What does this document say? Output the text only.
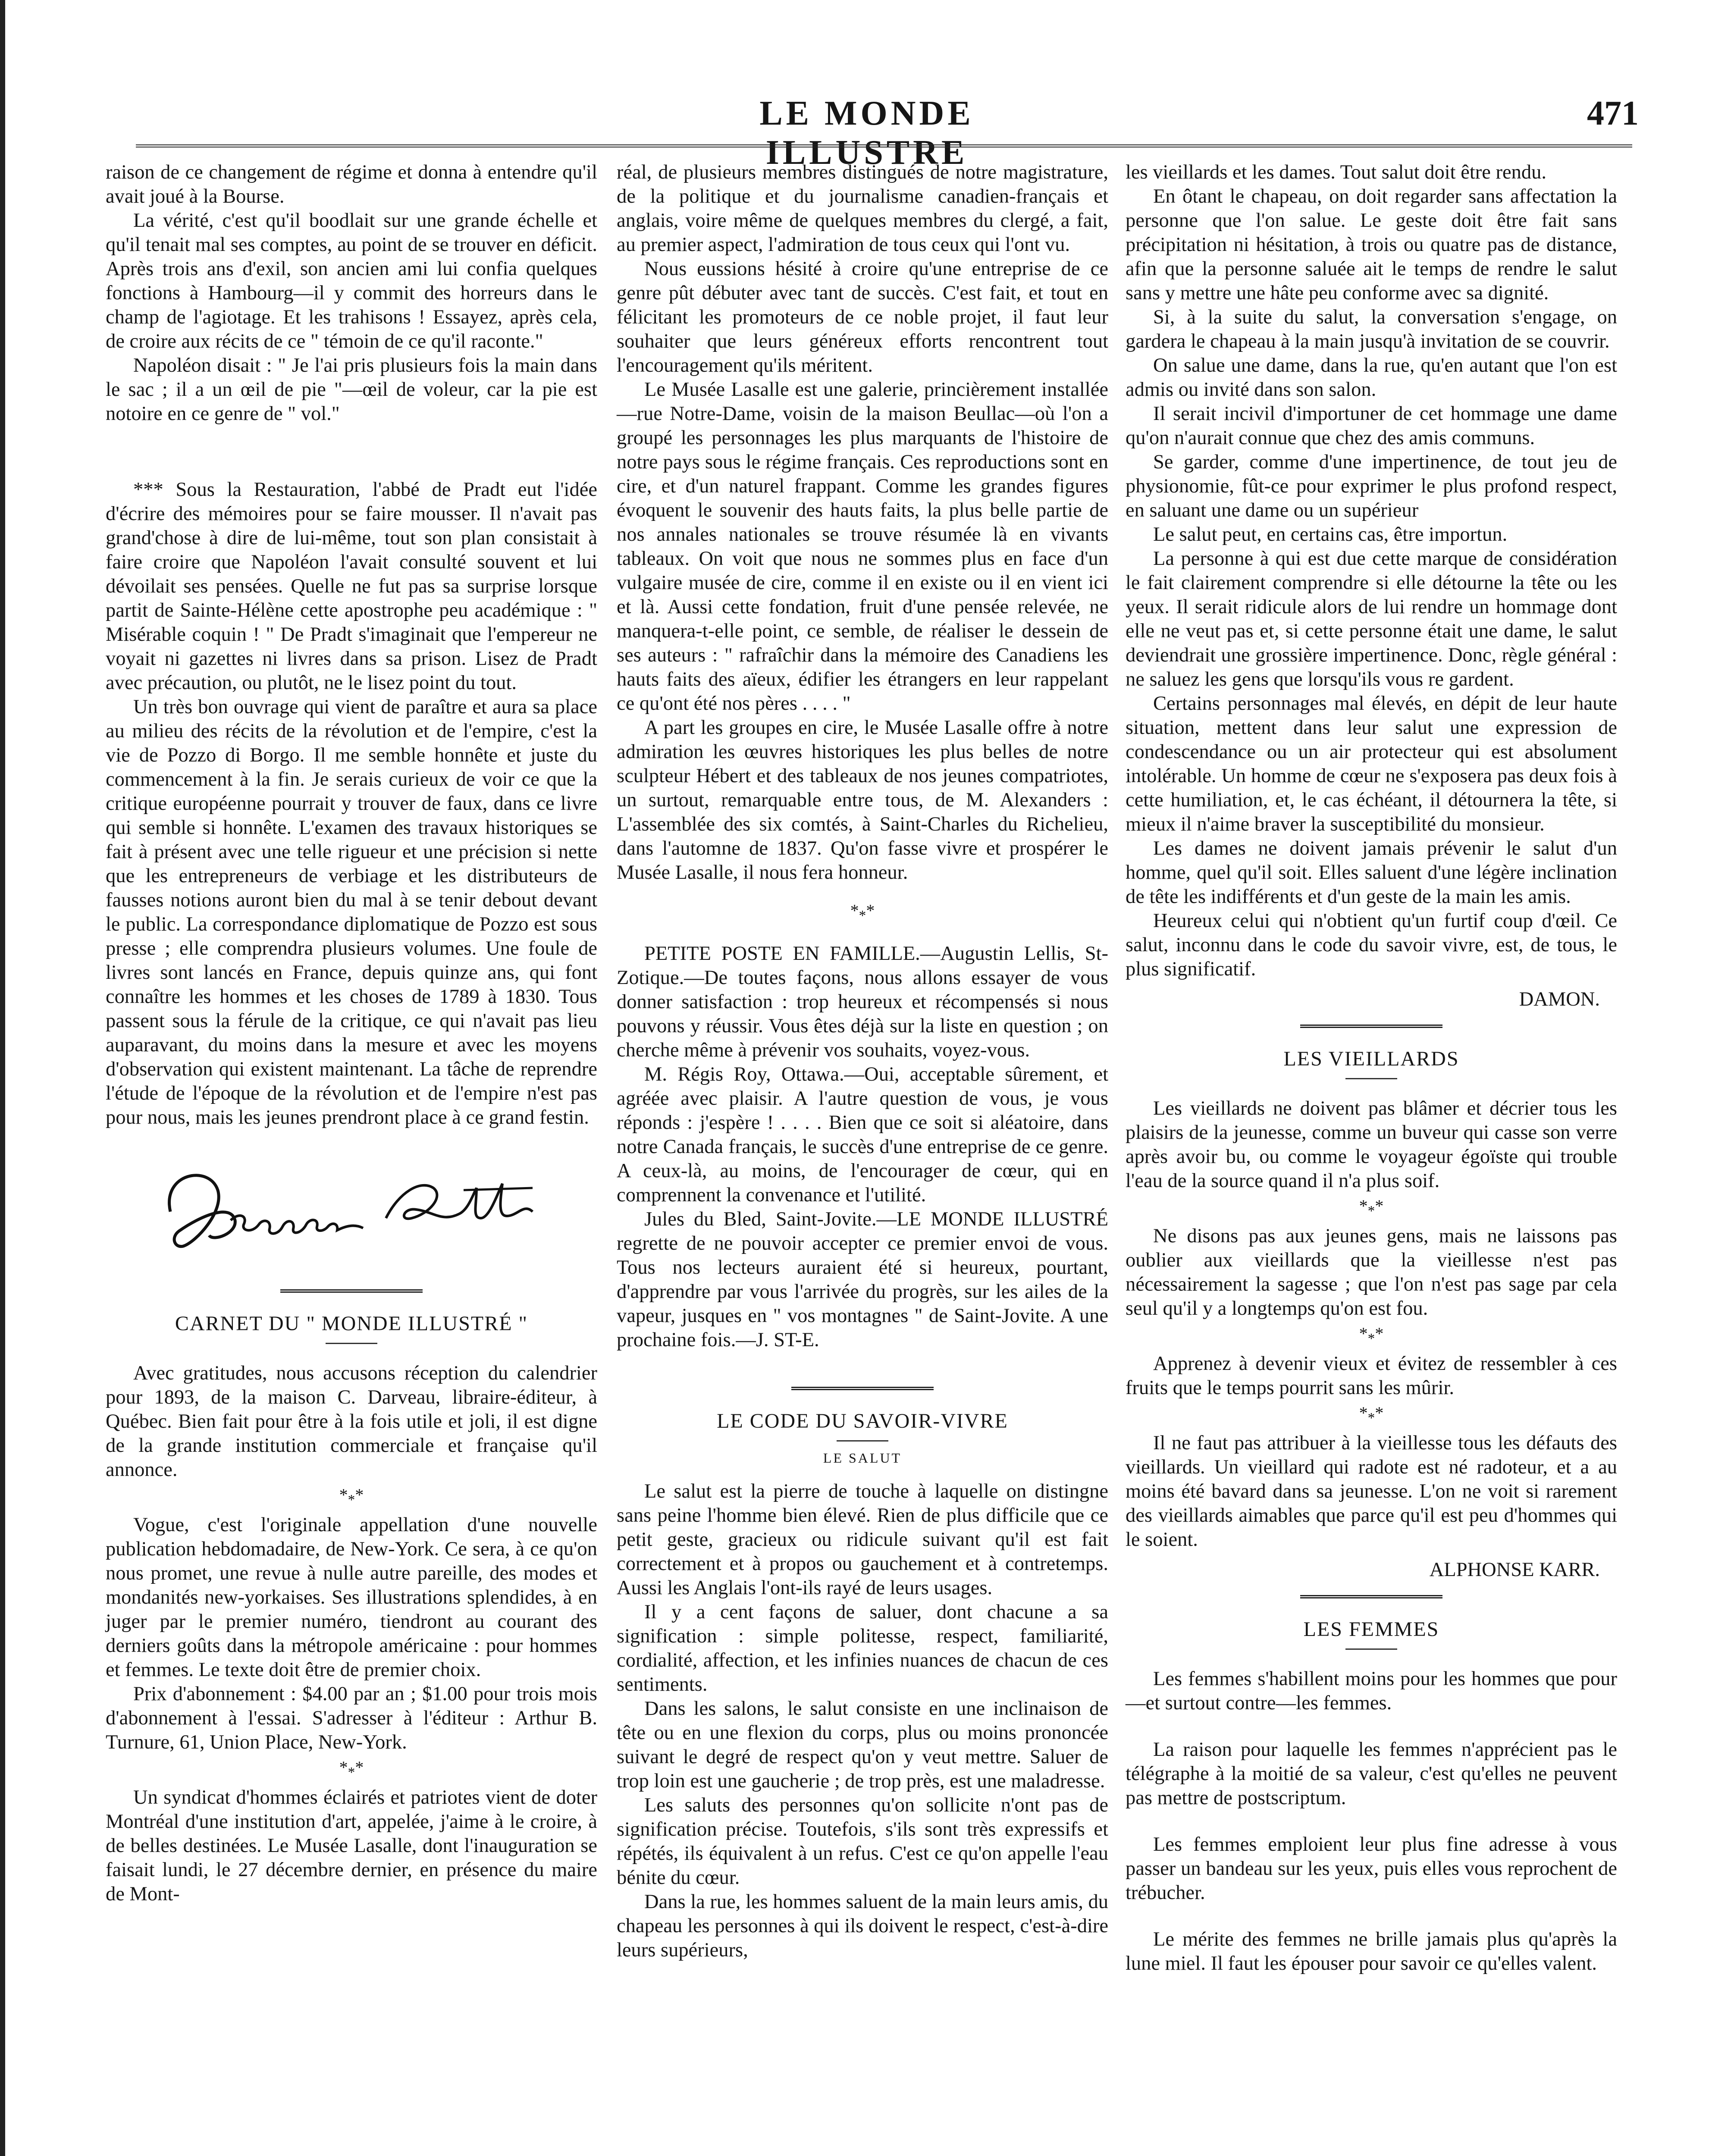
LE MONDE ILLUSTRE
471

raison de ce changement de régime et donna à entendre qu'il avait joué à la Bourse.

La vérité, c'est qu'il boodlait sur une grande échelle et qu'il tenait mal ses comptes, au point de se trouver en déficit. Après trois ans d'exil, son ancien ami lui confia quelques fonctions à Hambourg—il y commit des horreurs dans le champ de l'agiotage. Et les trahisons ! Essayez, après cela, de croire aux récits de ce " témoin de ce qu'il raconte."

Napoléon disait : " Je l'ai pris plusieurs fois la main dans le sac ; il a un œil de pie "—œil de voleur, car la pie est notoire en ce genre de " vol."

*** Sous la Restauration, l'abbé de Pradt eut l'idée d'écrire des mémoires pour se faire mousser. Il n'avait pas grand'chose à dire de lui-même, tout son plan consistait à faire croire que Napoléon l'avait consulté souvent et lui dévoilait ses pensées. Quelle ne fut pas sa surprise lorsque partit de Sainte-Hélène cette apostrophe peu académique : " Misérable coquin ! " De Pradt s'imaginait que l'empereur ne voyait ni gazettes ni livres dans sa prison. Lisez de Pradt avec précaution, ou plutôt, ne le lisez point du tout.

Un très bon ouvrage qui vient de paraître et aura sa place au milieu des récits de la révolution et de l'empire, c'est la vie de Pozzo di Borgo. Il me semble honnête et juste du commencement à la fin. Je serais curieux de voir ce que la critique européenne pourrait y trouver de faux, dans ce livre qui semble si honnête. L'examen des travaux historiques se fait à présent avec une telle rigueur et une précision si nette que les entrepreneurs de verbiage et les distributeurs de fausses notions auront bien du mal à se tenir debout devant le public. La correspondance diplomatique de Pozzo est sous presse ; elle comprendra plusieurs volumes. Une foule de livres sont lancés en France, depuis quinze ans, qui font connaître les hommes et les choses de 1789 à 1830. Tous passent sous la férule de la critique, ce qui n'avait pas lieu auparavant, du moins dans la mesure et avec les moyens d'observation qui existent maintenant. La tâche de reprendre l'étude de l'époque de la révolution et de l'empire n'est pas pour nous, mais les jeunes prendront place à ce grand festin.

CARNET DU " MONDE ILLUSTRÉ "

Avec gratitudes, nous accusons réception du calendrier pour 1893, de la maison C. Darveau, libraire-éditeur, à Québec. Bien fait pour être à la fois utile et joli, il est digne de la grande institution commerciale et française qu'il annonce.

$*_**$

Vogue, c'est l'originale appellation d'une nouvelle publication hebdomadaire, de New-York. Ce sera, à ce qu'on nous promet, une revue à nulle autre pareille, des modes et mondanités new-yorkaises. Ses illustrations splendides, à en juger par le premier numéro, tiendront au courant des derniers goûts dans la métropole américaine : pour hommes et femmes. Le texte doit être de premier choix.

Prix d'abonnement : $4.00 par an ; $1.00 pour trois mois d'abonnement à l'essai. S'adresser à l'éditeur : Arthur B. Turnure, 61, Union Place, New-York.

$*_**$

Un syndicat d'hommes éclairés et patriotes vient de doter Montréal d'une institution d'art, appelée, j'aime à le croire, à de belles destinées. Le Musée Lasalle, dont l'inauguration se faisait lundi, le 27 décembre dernier, en présence du maire de Mont-

réal, de plusieurs membres distingués de notre magistrature, de la politique et du journalisme canadien-français et anglais, voire même de quelques membres du clergé, a fait, au premier aspect, l'admiration de tous ceux qui l'ont vu.

Nous eussions hésité à croire qu'une entreprise de ce genre pût débuter avec tant de succès. C'est fait, et tout en félicitant les promoteurs de ce noble projet, il faut leur souhaiter que leurs généreux efforts rencontrent tout l'encouragement qu'ils méritent.

Le Musée Lasalle est une galerie, princièrement installée—rue Notre-Dame, voisin de la maison Beullac—où l'on a groupé les personnages les plus marquants de l'histoire de notre pays sous le régime français. Ces reproductions sont en cire, et d'un naturel frappant. Comme les grandes figures évoquent le souvenir des hauts faits, la plus belle partie de nos annales nationales se trouve résumée là en vivants tableaux. On voit que nous ne sommes plus en face d'un vulgaire musée de cire, comme il en existe ou il en vient ici et là. Aussi cette fondation, fruit d'une pensée relevée, ne manquera-t-elle point, ce semble, de réaliser le dessein de ses auteurs : " rafraîchir dans la mémoire des Canadiens les hauts faits des aïeux, édifier les étrangers en leur rappelant ce qu'ont été nos pères . . . . "

A part les groupes en cire, le Musée Lasalle offre à notre admiration les œuvres historiques les plus belles de notre sculpteur Hébert et des tableaux de nos jeunes compatriotes, un surtout, remarquable entre tous, de M. Alexanders : L'assemblée des six comtés, à Saint-Charles du Richelieu, dans l'automne de 1837. Qu'on fasse vivre et prospérer le Musée Lasalle, il nous fera honneur.

$*_**$

PETITE POSTE EN FAMILLE.—Augustin Lellis, St-Zotique.—De toutes façons, nous allons essayer de vous donner satisfaction : trop heureux et récompensés si nous pouvons y réussir. Vous êtes déjà sur la liste en question ; on cherche même à prévenir vos souhaits, voyez-vous.

M. Régis Roy, Ottawa.—Oui, acceptable sûrement, et agréée avec plaisir. A l'autre question de vous, je vous réponds : j'espère ! . . . . Bien que ce soit si aléatoire, dans notre Canada français, le succès d'une entreprise de ce genre. A ceux-là, au moins, de l'encourager de cœur, qui en comprennent la convenance et l'utilité.

Jules du Bled, Saint-Jovite.—LE MONDE ILLUSTRÉ regrette de ne pouvoir accepter ce premier envoi de vous. Tous nos lecteurs auraient été si heureux, pourtant, d'apprendre par vous l'arrivée du progrès, sur les ailes de la vapeur, jusques en " vos montagnes " de Saint-Jovite. A une prochaine fois.—J. ST-E.

LE CODE DU SAVOIR-VIVRE
LE SALUT

Le salut est la pierre de touche à laquelle on distingne sans peine l'homme bien élevé. Rien de plus difficile que ce petit geste, gracieux ou ridicule suivant qu'il est fait correctement et à propos ou gauchement et à contretemps. Aussi les Anglais l'ont-ils rayé de leurs usages.

Il y a cent façons de saluer, dont chacune a sa signification : simple politesse, respect, familiarité, cordialité, affection, et les infinies nuances de chacun de ces sentiments.

Dans les salons, le salut consiste en une inclinaison de tête ou en une flexion du corps, plus ou moins prononcée suivant le degré de respect qu'on y veut mettre. Saluer de trop loin est une gaucherie ; de trop près, est une maladresse.

Les saluts des personnes qu'on sollicite n'ont pas de signification précise. Toutefois, s'ils sont très expressifs et répétés, ils équivalent à un refus. C'est ce qu'on appelle l'eau bénite du cœur.

Dans la rue, les hommes saluent de la main leurs amis, du chapeau les personnes à qui ils doivent le respect, c'est-à-dire leurs supérieurs,

les vieillards et les dames. Tout salut doit être rendu.

En ôtant le chapeau, on doit regarder sans affectation la personne que l'on salue. Le geste doit être fait sans précipitation ni hésitation, à trois ou quatre pas de distance, afin que la personne saluée ait le temps de rendre le salut sans y mettre une hâte peu conforme avec sa dignité.

Si, à la suite du salut, la conversation s'engage, on gardera le chapeau à la main jusqu'à invitation de se couvrir.

On salue une dame, dans la rue, qu'en autant que l'on est admis ou invité dans son salon.

Il serait incivil d'importuner de cet hommage une dame qu'on n'aurait connue que chez des amis communs.

Se garder, comme d'une impertinence, de tout jeu de physionomie, fût-ce pour exprimer le plus profond respect, en saluant une dame ou un supérieur

Le salut peut, en certains cas, être importun.

La personne à qui est due cette marque de considération le fait clairement comprendre si elle détourne la tête ou les yeux. Il serait ridicule alors de lui rendre un hommage dont elle ne veut pas et, si cette personne était une dame, le salut deviendrait une grossière impertinence. Donc, règle général : ne saluez les gens que lorsqu'ils vous re gardent.

Certains personnages mal élevés, en dépit de leur haute situation, mettent dans leur salut une expression de condescendance ou un air protecteur qui est absolument intolérable. Un homme de cœur ne s'exposera pas deux fois à cette humiliation, et, le cas échéant, il détournera la tête, si mieux il n'aime braver la susceptibilité du monsieur.

Les dames ne doivent jamais prévenir le salut d'un homme, quel qu'il soit. Elles saluent d'une légère inclination de tête les indifférents et d'un geste de la main les amis.

Heureux celui qui n'obtient qu'un furtif coup d'œil. Ce salut, inconnu dans le code du savoir vivre, est, de tous, le plus significatif.

DAMON.

LES VIEILLARDS

Les vieillards ne doivent pas blâmer et décrier tous les plaisirs de la jeunesse, comme un buveur qui casse son verre après avoir bu, ou comme le voyageur égoïste qui trouble l'eau de la source quand il n'a plus soif.

$*_**$

Ne disons pas aux jeunes gens, mais ne laissons pas oublier aux vieillards que la vieillesse n'est pas nécessairement la sagesse ; que l'on n'est pas sage par cela seul qu'il y a longtemps qu'on est fou.

$*_**$

Apprenez à devenir vieux et évitez de ressembler à ces fruits que le temps pourrit sans les mûrir.

$*_**$

Il ne faut pas attribuer à la vieillesse tous les défauts des vieillards. Un vieillard qui radote est né radoteur, et a au moins été bavard dans sa jeunesse. L'on ne voit si rarement des vieillards aimables que parce qu'il est peu d'hommes qui le soient.

ALPHONSE KARR.

LES FEMMES

Les femmes s'habillent moins pour les hommes que pour—et surtout contre—les femmes.

La raison pour laquelle les femmes n'apprécient pas le télégraphe à la moitié de sa valeur, c'est qu'elles ne peuvent pas mettre de postscriptum.

Les femmes emploient leur plus fine adresse à vous passer un bandeau sur les yeux, puis elles vous reprochent de trébucher.

Le mérite des femmes ne brille jamais plus qu'après la lune miel. Il faut les épouser pour savoir ce qu'elles valent.
